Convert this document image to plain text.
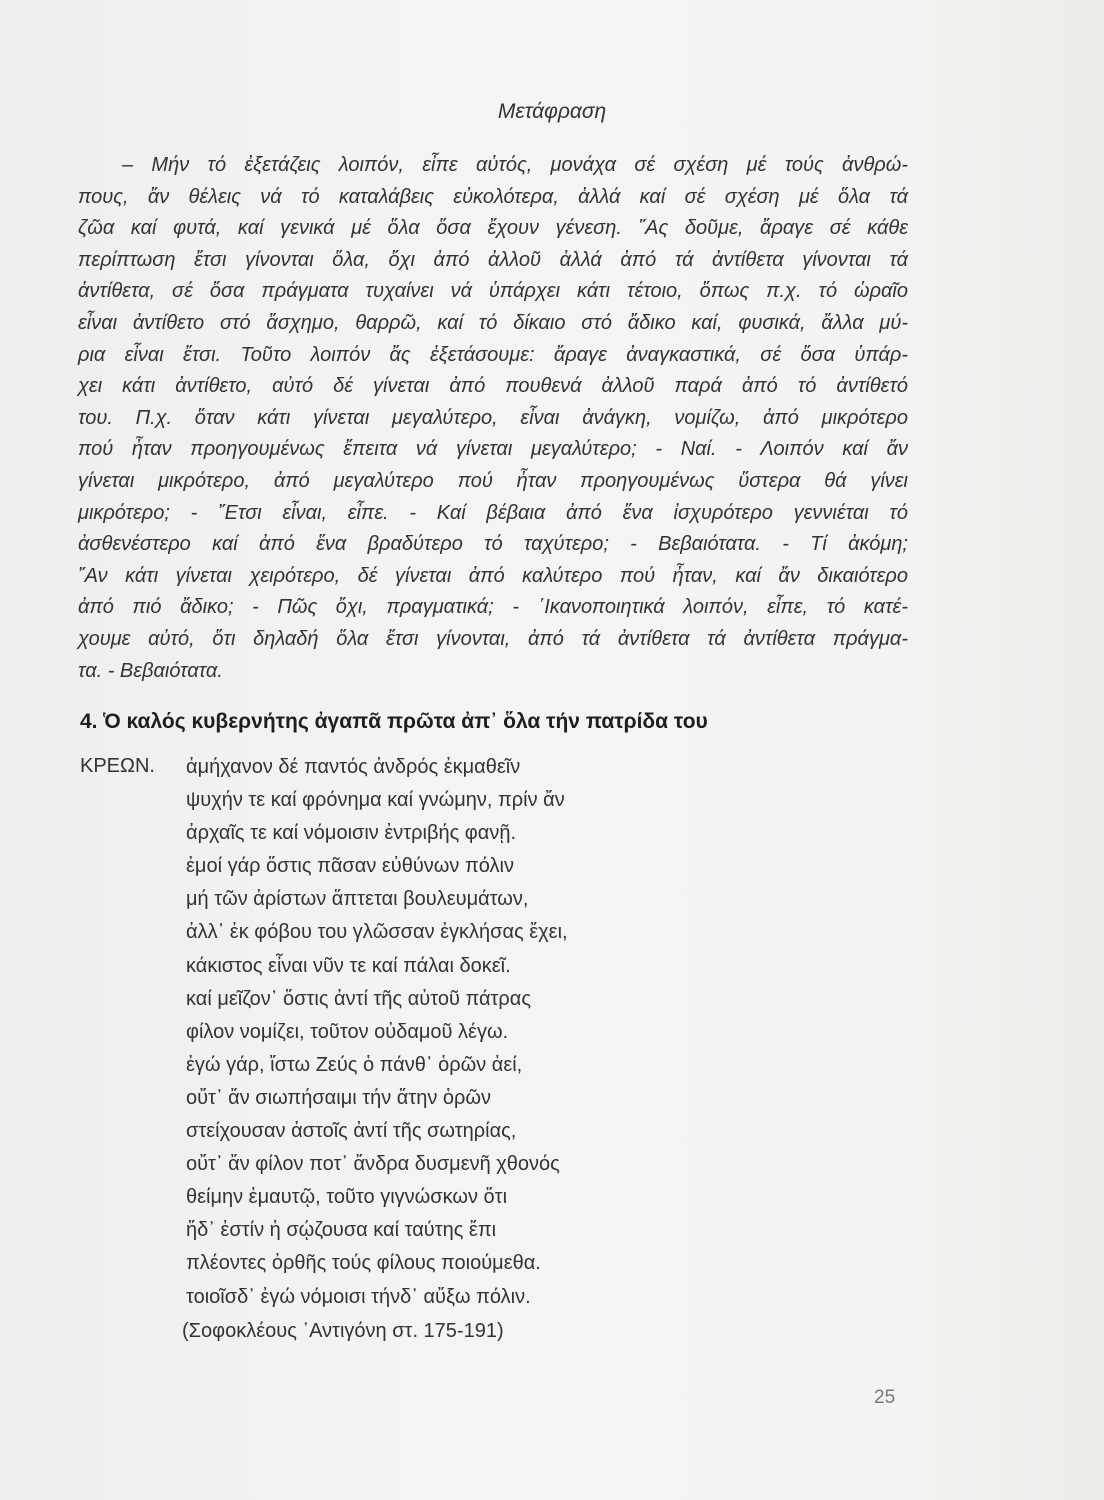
Μετάφραση
– Μήν τό ἐξετάζεις λοιπόν, εἶπε αὐτός, μονάχα σέ σχέση μέ τούς ἀνθρώ-
πους, ἄν θέλεις νά τό καταλάβεις εὐκολότερα, ἀλλά καί σέ σχέση μέ ὅλα τά
ζῶα καί φυτά, καί γενικά μέ ὅλα ὅσα ἔχουν γένεση. ῞Ας δοῦμε, ἄραγε σέ κάθε
περίπτωση ἔτσι γίνονται ὅλα, ὄχι ἀπό ἀλλοῦ ἀλλά ἀπό τά ἀντίθετα γίνονται τά
ἀντίθετα, σέ ὅσα πράγματα τυχαίνει νά ὑπάρχει κάτι τέτοιο, ὅπως π.χ. τό ὡραῖο
εἶναι ἀντίθετο στό ἄσχημο, θαρρῶ, καί τό δίκαιο στό ἄδικο καί, φυσικά, ἄλλα μύ-
ρια εἶναι ἔτσι. Τοῦτο λοιπόν ἄς ἐξετάσουμε: ἄραγε ἀναγκαστικά, σέ ὅσα ὑπάρ-
χει κάτι ἀντίθετο, αὐτό δέ γίνεται ἀπό πουθενά ἀλλοῦ παρά ἀπό τό ἀντίθετό
του. Π.χ. ὅταν κάτι γίνεται μεγαλύτερο, εἶναι ἀνάγκη, νομίζω, ἀπό μικρότερο
πού ἦταν προηγουμένως ἔπειτα νά γίνεται μεγαλύτερο; - Ναί. - Λοιπόν καί ἄν
γίνεται μικρότερο, ἀπό μεγαλύτερο πού ἦταν προηγουμένως ὕστερα θά γίνει
μικρότερο; - ῎Ετσι εἶναι, εἶπε. - Καί βέβαια ἀπό ἕνα ἰσχυρότερο γεννιέται τό
ἀσθενέστερο καί ἀπό ἕνα βραδύτερο τό ταχύτερο; - Βεβαιότατα. - Τί ἀκόμη;
῎Αν κάτι γίνεται χειρότερο, δέ γίνεται ἀπό καλύτερο πού ἦταν, καί ἄν δικαιότερο
ἀπό πιό ἄδικο; - Πῶς ὄχι, πραγματικά; - ῾Ικανοποιητικά λοιπόν, εἶπε, τό κατέ-
χουμε αὐτό, ὅτι δηλαδή ὅλα ἔτσι γίνονται, ἀπό τά ἀντίθετα τά ἀντίθετα πράγμα-
τα. - Βεβαιότατα.
4. Ὁ καλός κυβερνήτης ἀγαπᾶ πρῶτα ἀπ᾿ ὅλα τήν πατρίδα του
ΚΡΕΩΝ. ἀμήχανον δέ παντός ἀνδρός ἐκμαθεῖν
ψυχήν τε καί φρόνημα καί γνώμην, πρίν ἄν
ἀρχαῖς τε καί νόμοισιν ἐντριβής φανῇ.
ἐμοί γάρ ὅστις πᾶσαν εὐθύνων πόλιν
μή τῶν ἀρίστων ἅπτεται βουλευμάτων,
ἀλλ᾿ ἐκ φόβου του γλῶσσαν ἐγκλήσας ἔχει,
κάκιστος εἶναι νῦν τε καί πάλαι δοκεῖ.
καί μεῖζον᾿ ὅστις ἀντί τῆς αὑτοῦ πάτρας
φίλον νομίζει, τοῦτον οὐδαμοῦ λέγω.
ἐγώ γάρ, ἴστω Ζεύς ὁ πάνθ᾿ ὁρῶν ἀεί,
οὔτ᾿ ἄν σιωπήσαιμι τήν ἄτην ὁρῶν
στείχουσαν ἀστοῖς ἀντί τῆς σωτηρίας,
οὔτ᾿ ἄν φίλον ποτ᾿ ἄνδρα δυσμενῆ χθονός
θείμην ἐμαυτῷ, τοῦτο γιγνώσκων ὅτι
ἥδ᾿ ἐστίν ἡ σῴζουσα καί ταύτης ἔπι
πλέοντες ὀρθῆς τούς φίλους ποιούμεθα.
τοιοῖσδ᾿ ἐγώ νόμοισι τήνδ᾿ αὔξω πόλιν.
(Σοφοκλέους ᾿Αντιγόνη στ. 175-191)
25
